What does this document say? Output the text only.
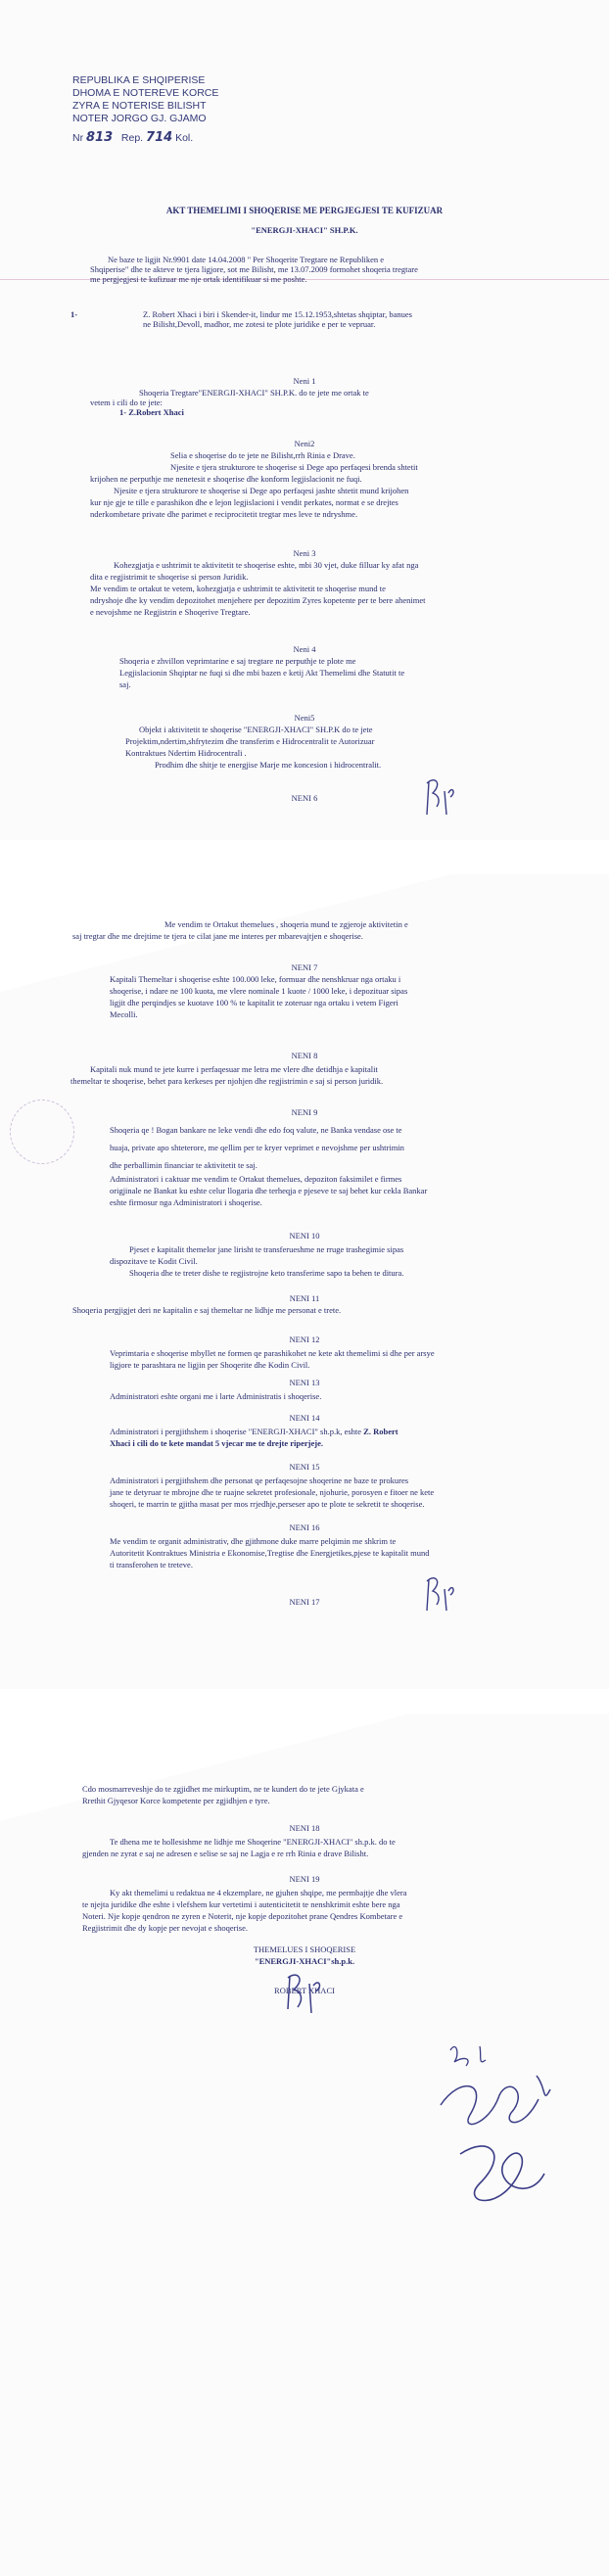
REPUBLIKA E SHQIPERISE
DHOMA E NOTEREVE KORCE
ZYRA E NOTERISE BILISHT
NOTER JORGO GJ. GJAMO
Nr 813 Rep. 714 Kol.
AKT THEMELIMI I SHOQERISE ME PERGJEGJESI TE KUFIZUAR
"ENERGJI-XHACI" SH.P.K.
Ne baze te ligjit Nr.9901 date 14.04.2008 " Per Shoqerite Tregtare ne Republiken e
Shqiperise" dhe te akteve te tjera ligjore, sot me Bilisht, me 13.07.2009 formohet shoqeria tregtare
me pergjegjesi te kufizuar me nje ortak identifikuar si me poshte.
1-	Z. Robert Xhaci i biri i Skender-it, lindur me 15.12.1953,shtetas shqiptar, banues
ne Bilisht,Devoll, madhor, me zotesi te plote juridike e per te vepruar.
Neni 1
Shoqeria Tregtare"ENERGJI-XHACI" SH.P.K. do te jete me ortak te
vetem i cili do te jete:
1- Z.Robert Xhaci
Neni2
Selia e shoqerise do te jete ne Bilisht,rrh Rinia e Drave.
Njesite e tjera strukturore te shoqerise si Dege apo perfaqesi brenda shtetit
krijohen ne perputhje me nenetesit e shoqerise dhe konform legjislacionit ne fuqi.
Njesite e tjera strukturore te shoqerise si Dege apo perfaqesi jashte shtetit mund krijohen
kur nje gje te tille e parashikon dhe e lejon legjislacioni i vendit perkates, normat e se drejtes
nderkombetare private dhe parimet e reciprocitetit tregtar mes leve te ndryshme.
Neni 3
Kohezgjatja e ushtrimit te aktivitetit te shoqerise eshte, mbi 30 vjet, duke filluar ky afat nga
dita e regjistrimit te shoqerise si person Juridik.
Me vendim te ortakut te vetem, kohezgjatja e ushtrimit te aktivitetit te shoqerise mund te
ndryshoje dhe ky vendim depozitohet menjehere per depozitim Zyres kopetente per te bere ahenimet
e nevojshme ne Regjistrin e Shoqerive Tregtare.
Neni 4
Shoqeria e zhvillon veprimtarine e saj tregtare ne perputhje te plote me
Legjislacionin Shqiptar ne fuqi si dhe mbi bazen e ketij Akt Themelimi dhe Statutit te
saj.
Neni5
Objekt i aktivitetit te shoqerise "ENERGJI-XHACI" SH.P.K do te jete
Projektim,ndertim,shfrytezim dhe transferim e Hidrocentralit te Autorizuar
Kontraktues Ndertim Hidrocentrali .
Prodhim dhe shitje te energjise Marje me koncesion i hidrocentralit.
NENI 6
Me vendim te Ortakut themelues , shoqeria mund te zgjeroje aktivitetin e
saj tregtar dhe me drejtime te tjera te cilat jane me interes per mbarevajtjen e shoqerise.
NENI 7
Kapitali Themeltar i shoqerise eshte 100.000 leke, formuar dhe nenshkruar nga ortaku i
shoqerise, i ndare ne 100 kuota, me vlere nominale 1 kuote / 1000 leke, i depozituar sipas
ligjit dhe perqindjes se kuotave 100 % te kapitalit te zoteruar nga ortaku i vetem Figeri
Mecolli.
NENI 8
Kapitali nuk mund te jete kurre i perfaqesuar me letra me vlere dhe detidhja e kapitalit
themeltar te shoqerise, behet para kerkeses per njohjen dhe regjistrimin e saj si person juridik.
NENI 9
Shoqeria qe ! Bogan bankare ne leke vendi dhe edo foq valute, ne Banka vendase ose te
huaja, private apo shteterore, me qellim per te kryer veprimet e nevojshme per ushtrimin
dhe perballimin financiar te aktivitetit te saj.
Administratori i caktuar me vendim te Ortakut themelues, depoziton faksimilet e firmes
origjinale ne Bankat ku eshte celur llogaria dhe terheqja e pjeseve te saj behet kur cekla Bankar
eshte firmosur nga Administratori i shoqerise.
NENI 10
Pjeset e kapitalit themelor jane lirisht te transferueshme ne rruge trashegimie sipas
dispozitave te Kodit Civil.
Shoqeria dhe te treter dishe te regjistrojne keto transferime sapo ta behen te ditura.
NENI 11
Shoqeria pergjigjet deri ne kapitalin e saj themeltar ne lidhje me personat e trete.
NENI 12
Veprimtaria e shoqerise mbyllet ne formen qe parashikohet ne kete akt themelimi si dhe per arsye
ligjore te parashtara ne ligjin per Shoqerite dhe Kodin Civil.
NENI 13
Administratori eshte organi me i larte Administratis i shoqerise.
NENI 14
Administratori i pergjithshem i shoqerise "ENERGJI-XHACI" sh.p.k, eshte Z. Robert
Xhaci i cili do te kete mandat 5 vjecar me te drejte riperjeje.
NENI 15
Administratori i pergjithshem dhe personat qe perfaqesojne shoqerine ne baze te prokures
jane te detyruar te mbrojne dhe te ruajne sekretet profesionale, njohurie, porosyen e fitoer ne kete
shoqeri, te marrin te gjitha masat per mos rrjedhje,perseser apo te plote te sekretit te shoqerise.
NENI 16
Me vendim te organit administrativ, dhe gjithmone duke marre pelqimin me shkrim te
Autoritetit Kontraktues Ministria e Ekonomise,Tregtise dhe Energjetikes,pjese te kapitalit mund
ti transferohen te treteve.
NENI 17
Cdo mosmarreveshje do te zgjidhet me mirkuptim, ne te kundert do te jete Gjykata e
Rrethit Gjyqesor Korce kompetente per zgjidhjen e tyre.
NENI 18
Te dhena me te hollesishme ne lidhje me Shoqerine "ENERGJI-XHACI" sh.p.k. do te
gjenden ne zyrat e saj ne adresen e selise se saj ne Lagja e re rrh Rinia e drave Bilisht.
NENI 19
Ky akt themelimi u redaktua ne 4 ekzemplare, ne gjuhen shqipe, me permbajtje dhe vlera
te njejta juridike dhe eshte i vlefshem kur vertetimi i autenticitetit te nenshkrimit eshte bere nga
Noteri. Nje kopje qendron ne zyren e Noterit, nje kopje depozitohet prane Qendres Kombetare e
Regjistrimit dhe dy kopje per nevojat e shoqerise.
THEMELUES I SHOQERISE
"ENERGJI-XHACI"sh.p.k.
ROBERT XHACI
